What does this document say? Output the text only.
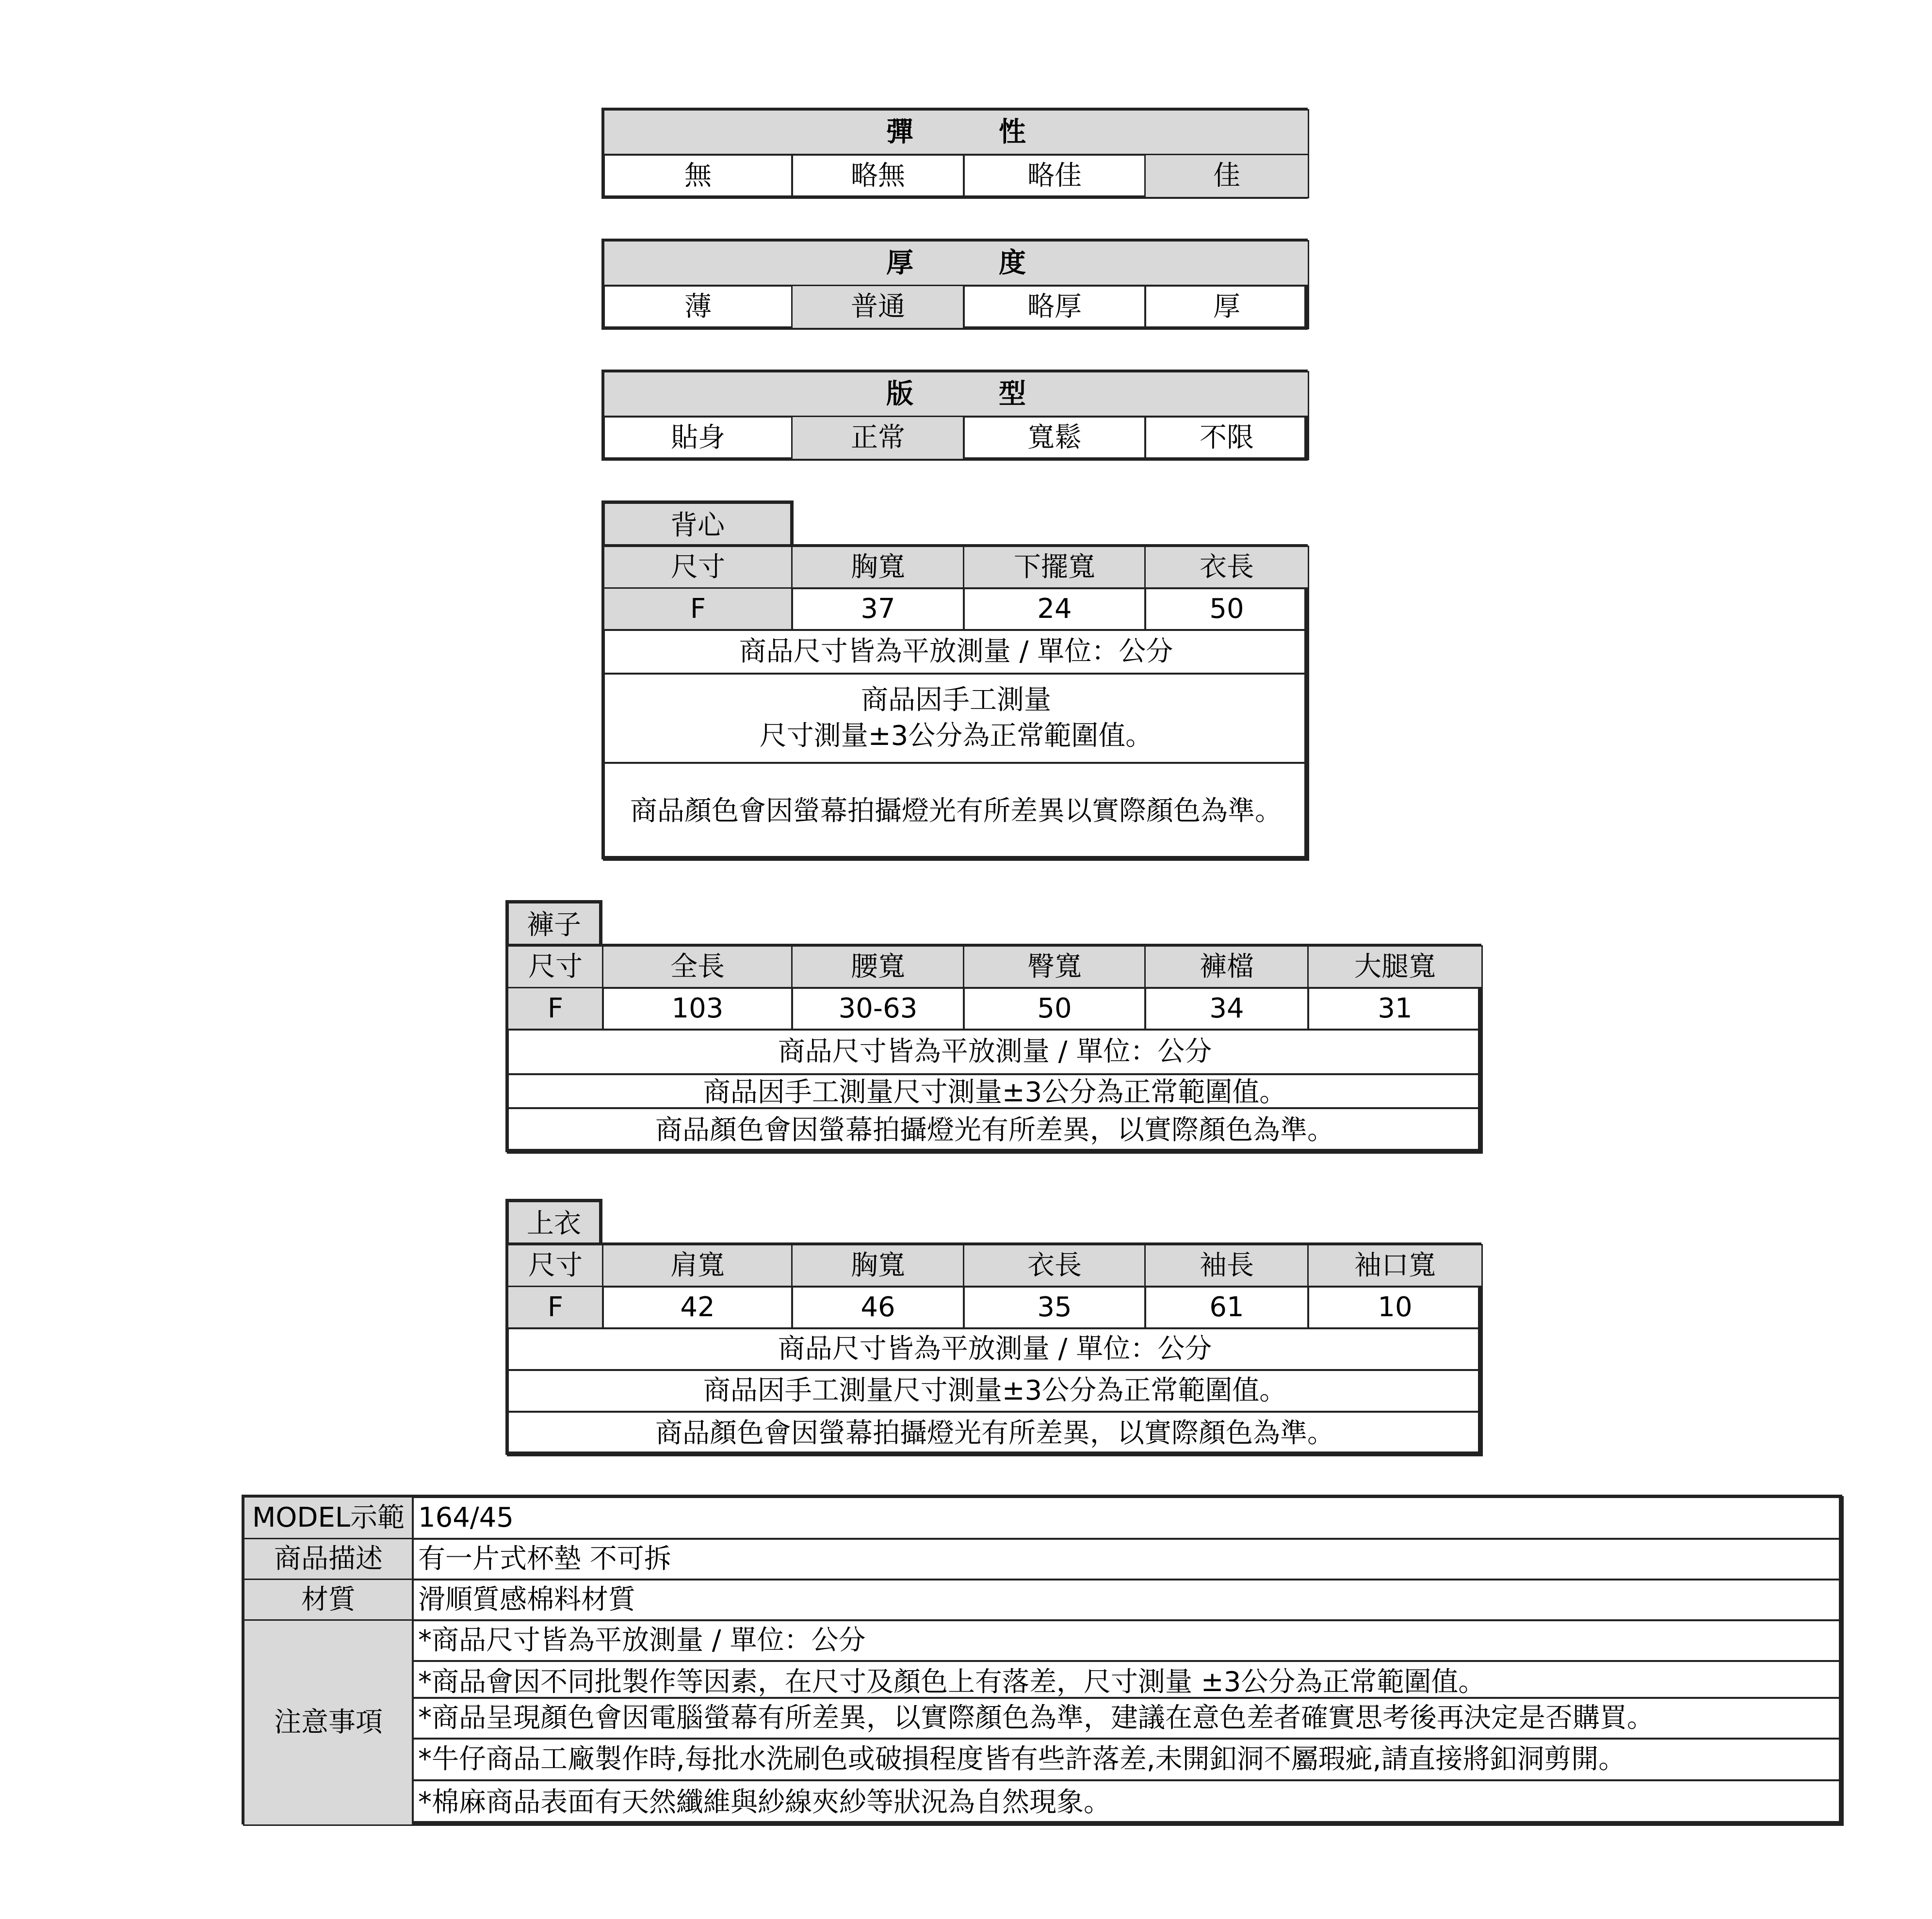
彈　性
無	略無	略佳	佳
厚　度
薄	普通	略厚	厚
版　型
貼身	正常	寬鬆	不限
背心
尺寸	胸寬	下擺寬	衣長
F	37	24	50
商品尺寸皆為平放測量 / 單位：公分
商品因手工測量
尺寸測量±3公分為正常範圍值。
商品顏色會因螢幕拍攝燈光有所差異以實際顏色為準。
褲子
尺寸	全長	腰寬	臀寬	褲檔	大腿寬
F	103	30-63	50	34	31
商品尺寸皆為平放測量 / 單位：公分
商品因手工測量尺寸測量±3公分為正常範圍值。
商品顏色會因螢幕拍攝燈光有所差異，以實際顏色為準。
上衣
尺寸	肩寬	胸寬	衣長	袖長	袖口寬
F	42	46	35	61	10
商品尺寸皆為平放測量 / 單位：公分
商品因手工測量尺寸測量±3公分為正常範圍值。
商品顏色會因螢幕拍攝燈光有所差異，以實際顏色為準。
MODEL示範 164/45
商品描述	有一片式杯墊 不可拆
材質	滑順質感棉料材質
注意事項
*商品尺寸皆為平放測量 / 單位：公分
*商品會因不同批製作等因素，在尺寸及顏色上有落差，尺寸測量 ±3公分為正常範圍值。
*商品呈現顏色會因電腦螢幕有所差異，以實際顏色為準，建議在意色差者確實思考後再決定是否購買。
*牛仔商品工廠製作時,每批水洗刷色或破損程度皆有些許落差,未開釦洞不屬瑕疵,請直接將釦洞剪開。
*棉麻商品表面有天然纖維與紗線夾紗等狀況為自然現象。
